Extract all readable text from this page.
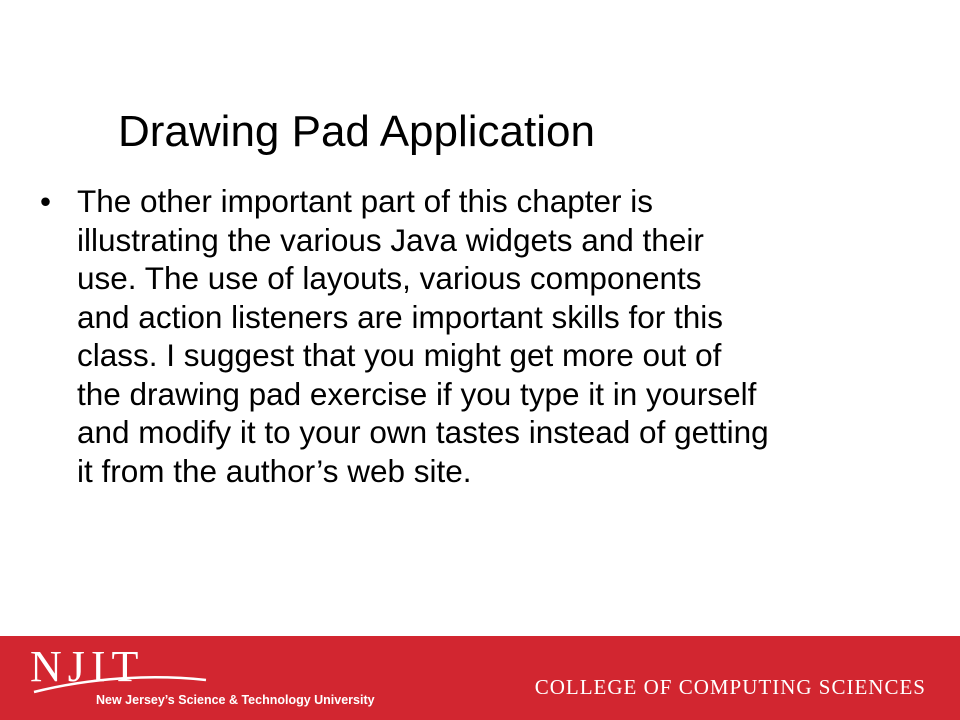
Drawing Pad Application
• The other important part of this chapter is
illustrating the various Java widgets and their
use. The use of layouts, various components
and action listeners are important skills for this
class. I suggest that you might get more out of
the drawing pad exercise if you type it in yourself
and modify it to your own tastes instead of getting
it from the author’s web site.
NJIT
New Jersey’s Science & Technology University
COLLEGE OF COMPUTING SCIENCES
